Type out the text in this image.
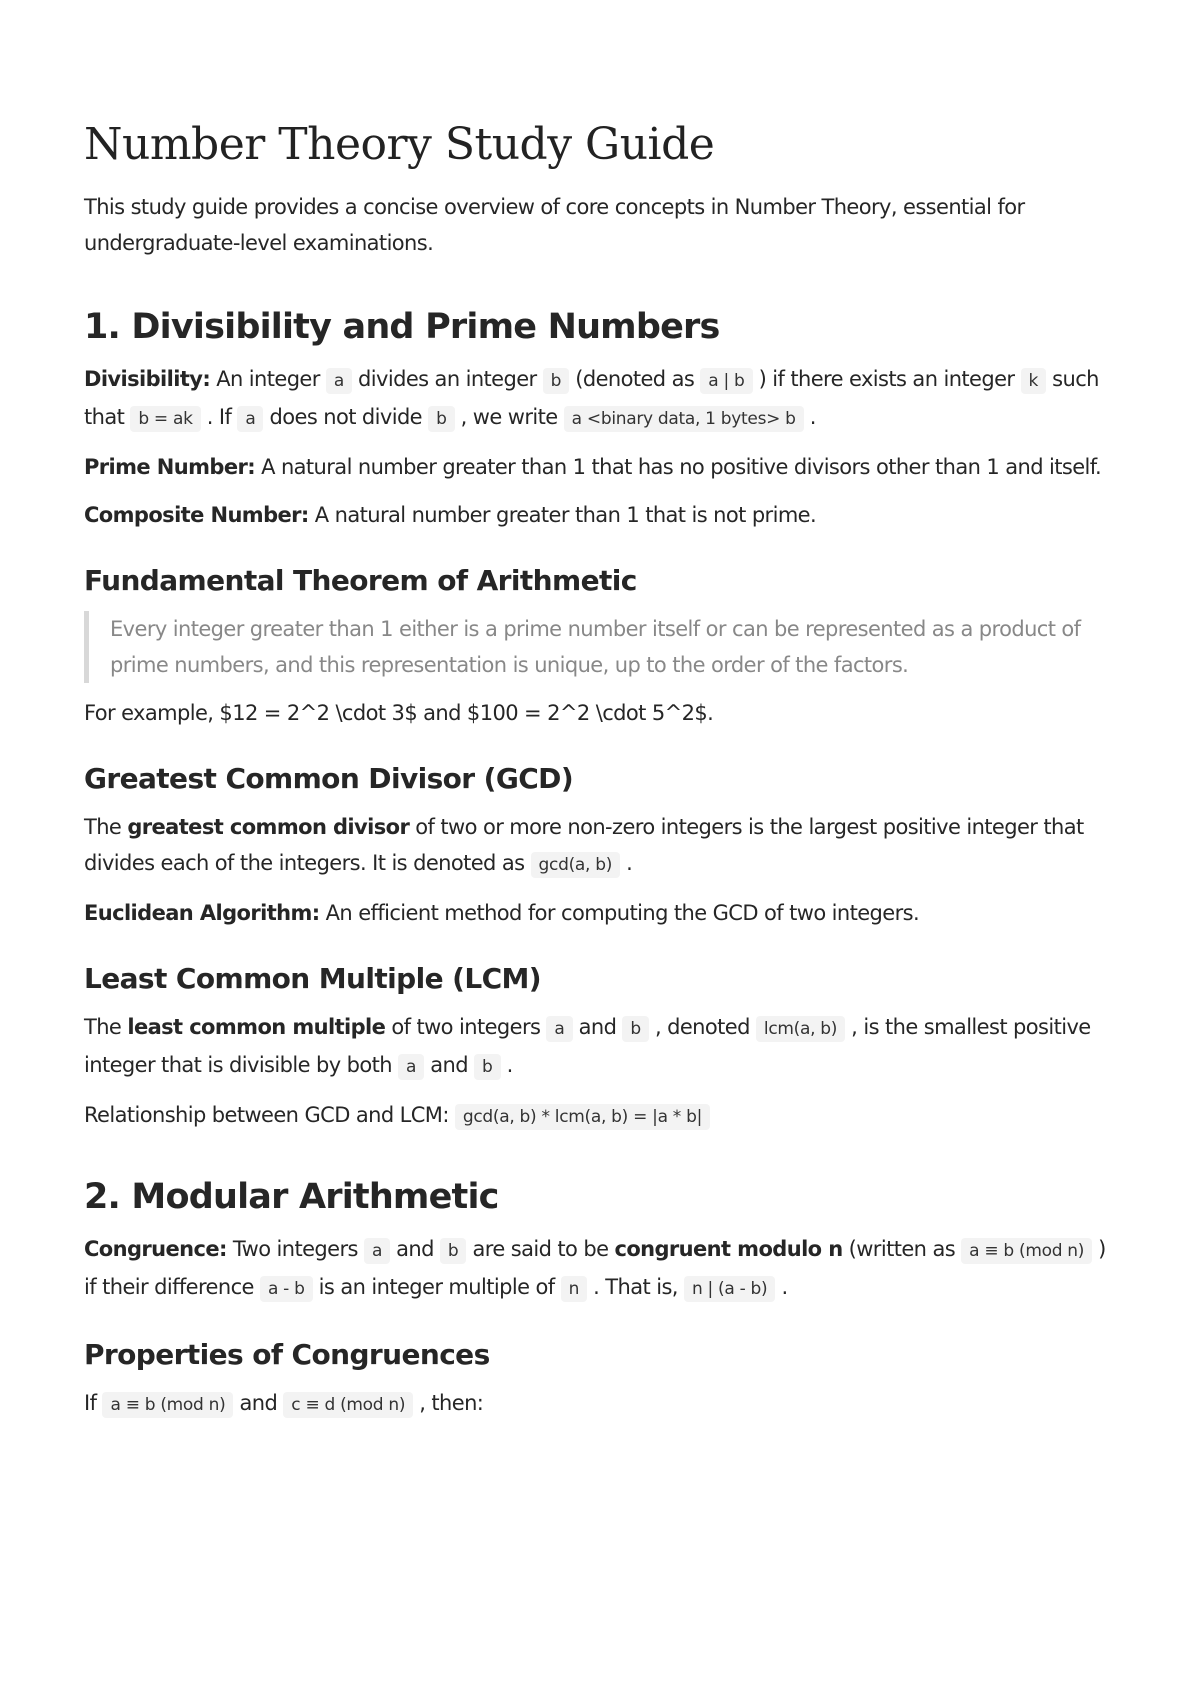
Number Theory Study Guide

This study guide provides a concise overview of core concepts in Number Theory, essential for undergraduate-level examinations.

1. Divisibility and Prime Numbers

Divisibility: An integer a divides an integer b (denoted as a | b ) if there exists an integer k such that b = ak . If a does not divide b , we write a <binary data, 1 bytes> b .

Prime Number: A natural number greater than 1 that has no positive divisors other than 1 and itself.

Composite Number: A natural number greater than 1 that is not prime.

Fundamental Theorem of Arithmetic

Every integer greater than 1 either is a prime number itself or can be represented as a product of prime numbers, and this representation is unique, up to the order of the factors.

For example, $12 = 2^2 \cdot 3$ and $100 = 2^2 \cdot 5^2$.

Greatest Common Divisor (GCD)

The greatest common divisor of two or more non-zero integers is the largest positive integer that divides each of the integers. It is denoted as gcd(a, b) .

Euclidean Algorithm: An efficient method for computing the GCD of two integers.

Least Common Multiple (LCM)

The least common multiple of two integers a and b , denoted lcm(a, b) , is the smallest positive integer that is divisible by both a and b .

Relationship between GCD and LCM: gcd(a, b) * lcm(a, b) = |a * b|

2. Modular Arithmetic

Congruence: Two integers a and b are said to be congruent modulo n (written as a ≡ b (mod n) ) if their difference a - b is an integer multiple of n . That is, n | (a - b) .

Properties of Congruences

If a ≡ b (mod n) and c ≡ d (mod n) , then:
